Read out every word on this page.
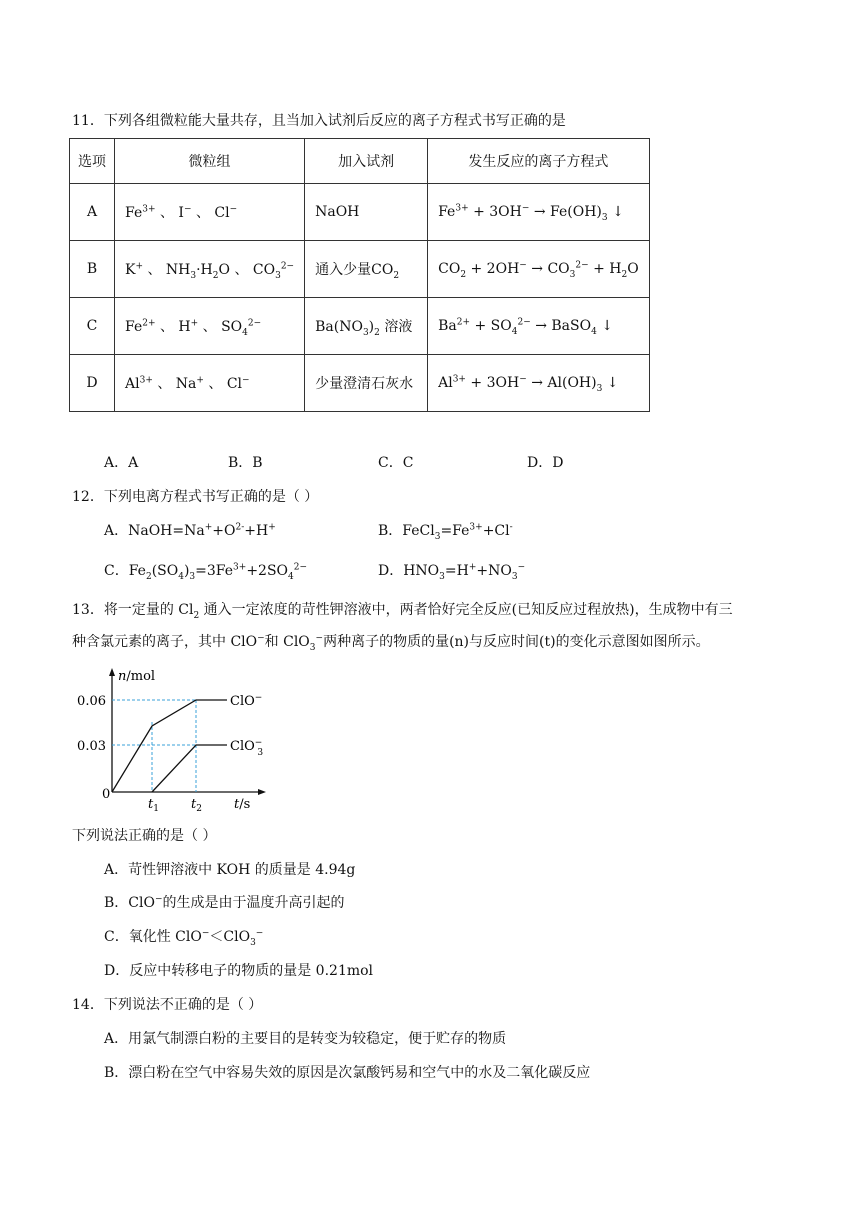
11．下列各组微粒能大量共存，且当加入试剂后反应的离子方程式书写正确的是
选项	微粒组	加入试剂	发生反应的离子方程式
A	$Fe^{3+}$ 、 I− 、 Cl−	NaOH	$Fe^{3+} + 3OH^- \to Fe(OH)_3$ ↓
B	K+ 、 $NH_3\cdot H_2O$ 、 $CO_3^{2-}$	通入少量$CO_2$	$CO_2 + 2OH^- \to CO_3^{2-} + H_2O$
C	$Fe^{2+}$ 、 H+ 、 $SO_4^{2-}$	$Ba(NO_3)_2$ 溶液	$Ba^{2+} + SO_4^{2-}$ → BaSO$_4$ ↓
D	$Al^{3+}$ 、 Na+ 、 Cl−	少量澄清石灰水	$Al^{3+} + 3OH^- \to Al(OH)_3$ ↓
A．A	B．B	C．C	D．D
12．下列电离方程式书写正确的是（ ）
A．$NaOH=Na^++O^{2-}+H^+$	B．$FeCl_3=Fe^{3+}+Cl^-$
C．$Fe_2(SO_4)_3=3Fe^{3+}+2SO_4^{2-}$	D．$HNO_3=H^++NO_3^-$
13．将一定量的 $Cl_2$ 通入一定浓度的苛性钾溶液中，两者恰好完全反应(已知反应过程放热)，生成物中有三
种含氯元素的离子，其中 ClO−和 ClO$_3$−两种离子的物质的量(n)与反应时间(t)的变化示意图如图所示。
n/mol
0.06
0.03
0
$t_1$ $t_2$ t/s
ClO−
ClO− 3
下列说法正确的是（ ）
A．苛性钾溶液中 KOH 的质量是 4.94g
B．ClO−的生成是由于温度升高引起的
C．氧化性 ClO−＜ClO$_3$−
D．反应中转移电子的物质的量是 0.21mol
14．下列说法不正确的是（ ）
A．用氯气制漂白粉的主要目的是转变为较稳定，便于贮存的物质
B．漂白粉在空气中容易失效的原因是次氯酸钙易和空气中的水及二氧化碳反应
